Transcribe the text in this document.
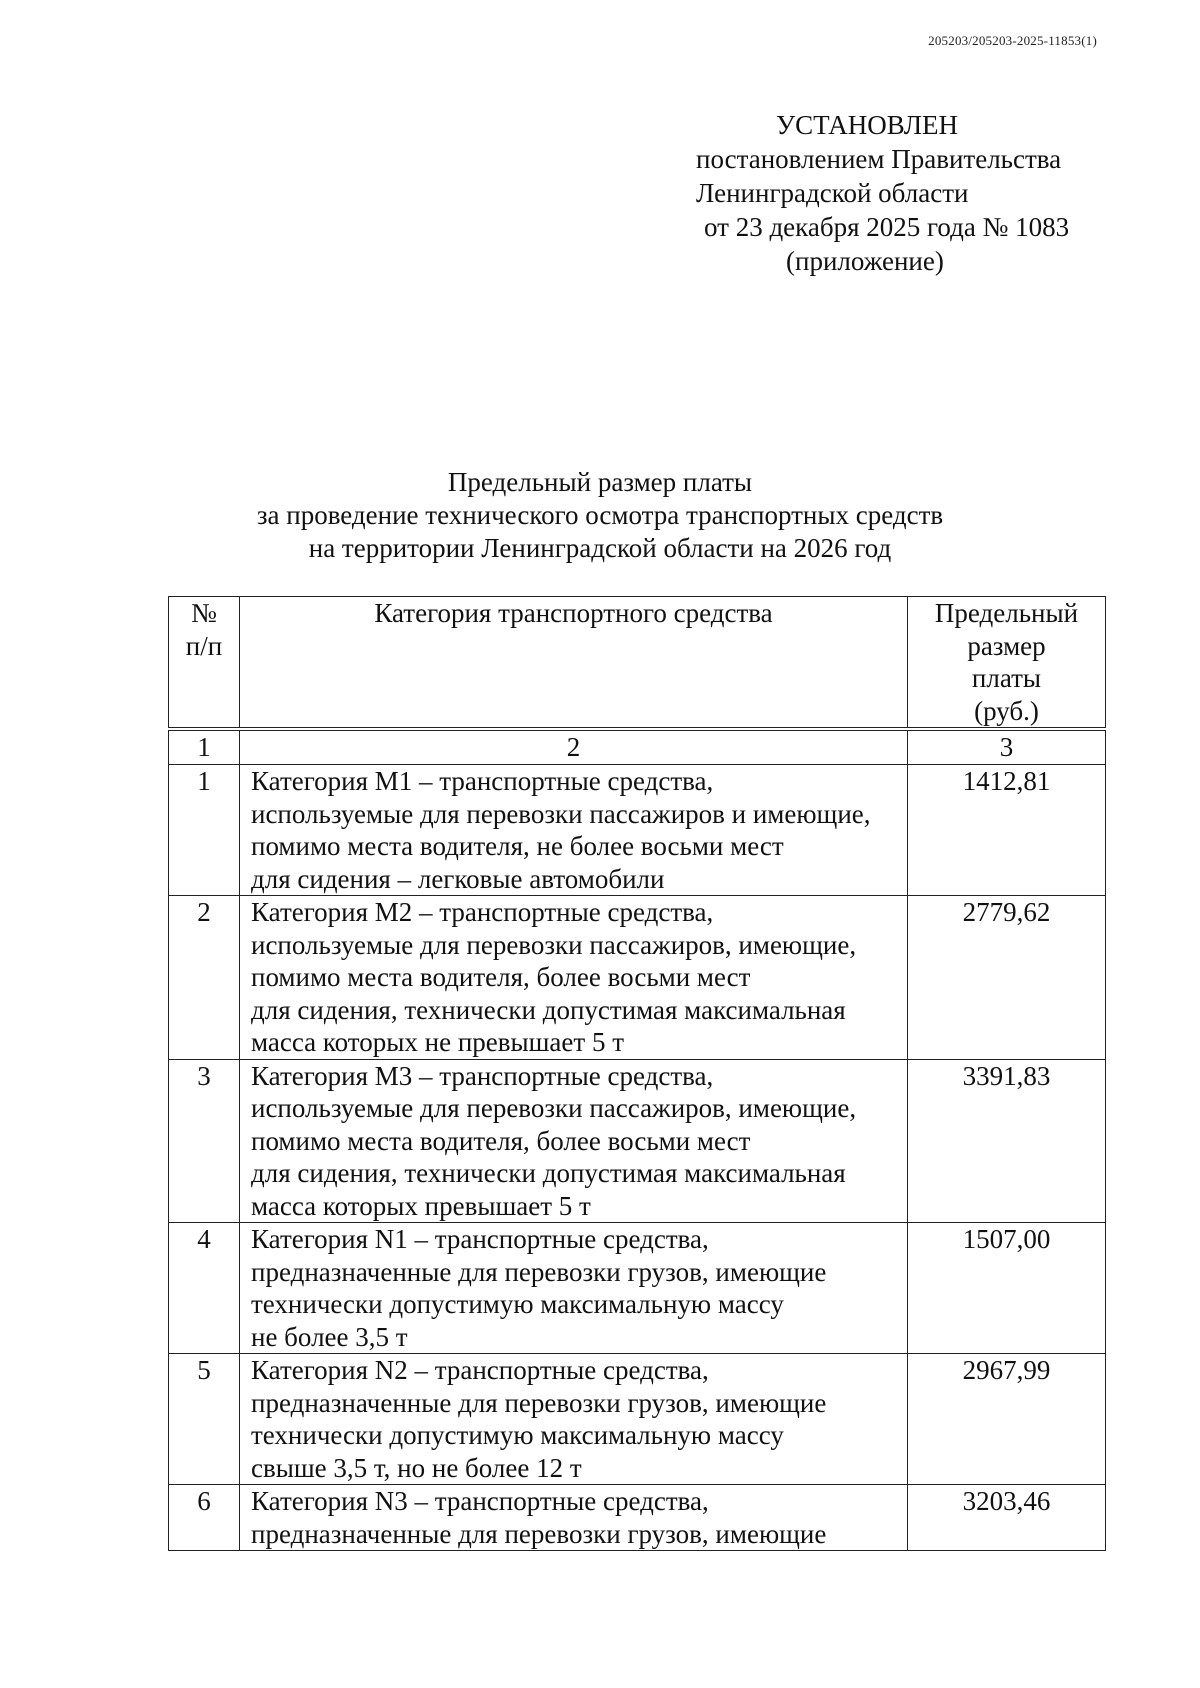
205203/205203-2025-11853(1)
УСТАНОВЛЕН
постановлением Правительства
Ленинградской области
от 23 декабря 2025 года № 1083
(приложение)
Предельный размер платы
за проведение технического осмотра транспортных средств
на территории Ленинградской области на 2026 год
№
п/п	Категория транспортного средства	Предельный
размер
платы
(руб.)

1	2	3
1	Категория М1 – транспортные средства,
используемые для перевозки пассажиров и имеющие,
помимо места водителя, не более восьми мест
для сидения – легковые автомобили	1412,81
2	Категория М2 – транспортные средства,
используемые для перевозки пассажиров, имеющие,
помимо места водителя, более восьми мест
для сидения, технически допустимая максимальная
масса которых не превышает 5 т	2779,62
3	Категория М3 – транспортные средства,
используемые для перевозки пассажиров, имеющие,
помимо места водителя, более восьми мест
для сидения, технически допустимая максимальная
масса которых превышает 5 т	3391,83
4	Категория N1 – транспортные средства,
предназначенные для перевозки грузов, имеющие
технически допустимую максимальную массу
не более 3,5 т	1507,00
5	Категория N2 – транспортные средства,
предназначенные для перевозки грузов, имеющие
технически допустимую максимальную массу
свыше 3,5 т, но не более 12 т	2967,99
6	Категория N3 – транспортные средства,
предназначенные для перевозки грузов, имеющие	3203,46
